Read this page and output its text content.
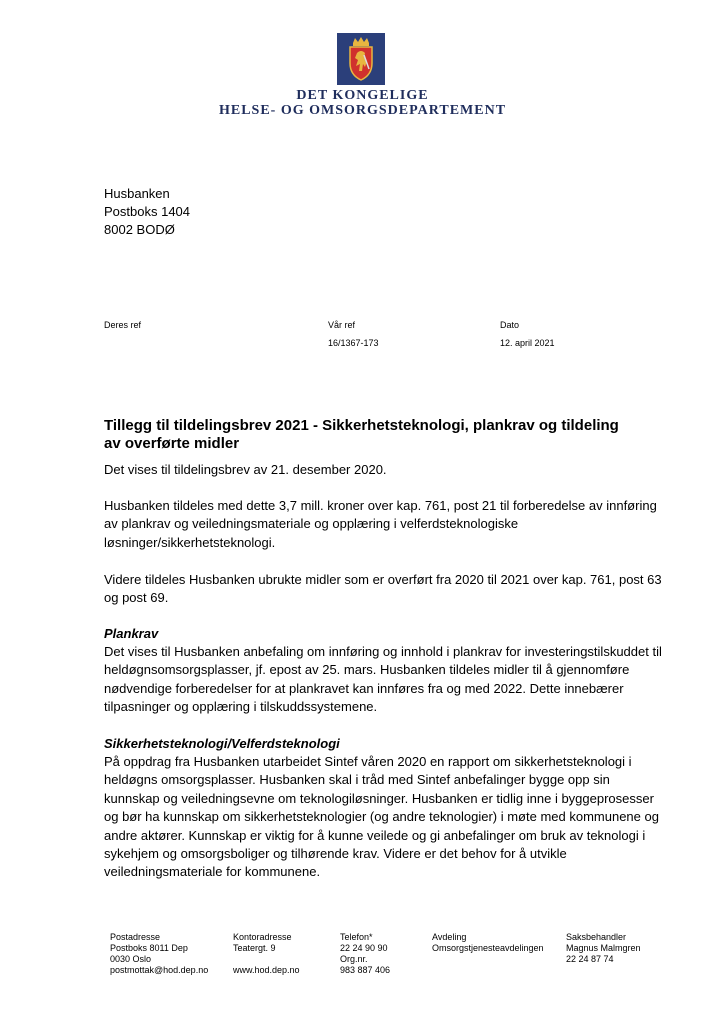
DET KONGELIGE
HELSE- OG OMSORGSDEPARTEMENT
Husbanken
Postboks 1404
8002 BODØ
Deres ref	Vår ref
16/1367-173
Dato
12. april 2021
Tillegg til tildelingsbrev 2021 - Sikkerhetsteknologi, plankrav og tildeling
av overførte midler
Det vises til tildelingsbrev av 21. desember 2020.
Husbanken tildeles med dette 3,7 mill. kroner over kap. 761, post 21 til forberedelse av innføring av plankrav og veiledningsmateriale og opplæring i velferdsteknologiske løsninger/sikkerhetsteknologi.
Videre tildeles Husbanken ubrukte midler som er overført fra 2020 til 2021 over kap. 761, post 63 og post 69.
Plankrav
Det vises til Husbanken anbefaling om innføring og innhold i plankrav for investeringstilskuddet til heldøgnsomsorgsplasser, jf. epost av 25. mars. Husbanken tildeles midler til å gjennomføre nødvendige forberedelser for at plankravet kan innføres fra og med 2022. Dette innebærer tilpasninger og opplæring i tilskuddssystemene.
Sikkerhetsteknologi/Velferdsteknologi
På oppdrag fra Husbanken utarbeidet Sintef våren 2020 en rapport om sikkerhetsteknologi i heldøgns omsorgsplasser. Husbanken skal i tråd med Sintef anbefalinger bygge opp sin kunnskap og veiledningsevne om teknologiløsninger. Husbanken er tidlig inne i byggeprosesser og bør ha kunnskap om sikkerhetsteknologier (og andre teknologier) i møte med kommunene og andre aktører. Kunnskap er viktig for å kunne veilede og gi anbefalinger om bruk av teknologi i sykehjem og omsorgsboliger og tilhørende krav. Videre er det behov for å utvikle veiledningsmateriale for kommunene.
Postadresse
Postboks 8011 Dep
0030 Oslo
postmottak@hod.dep.no
Kontoradresse
Teatergt. 9
www.hod.dep.no
Telefon*
22 24 90 90
Org.nr.
983 887 406
Avdeling
Omsorgstjenesteavdelingen
Saksbehandler
Magnus Malmgren
22 24 87 74
